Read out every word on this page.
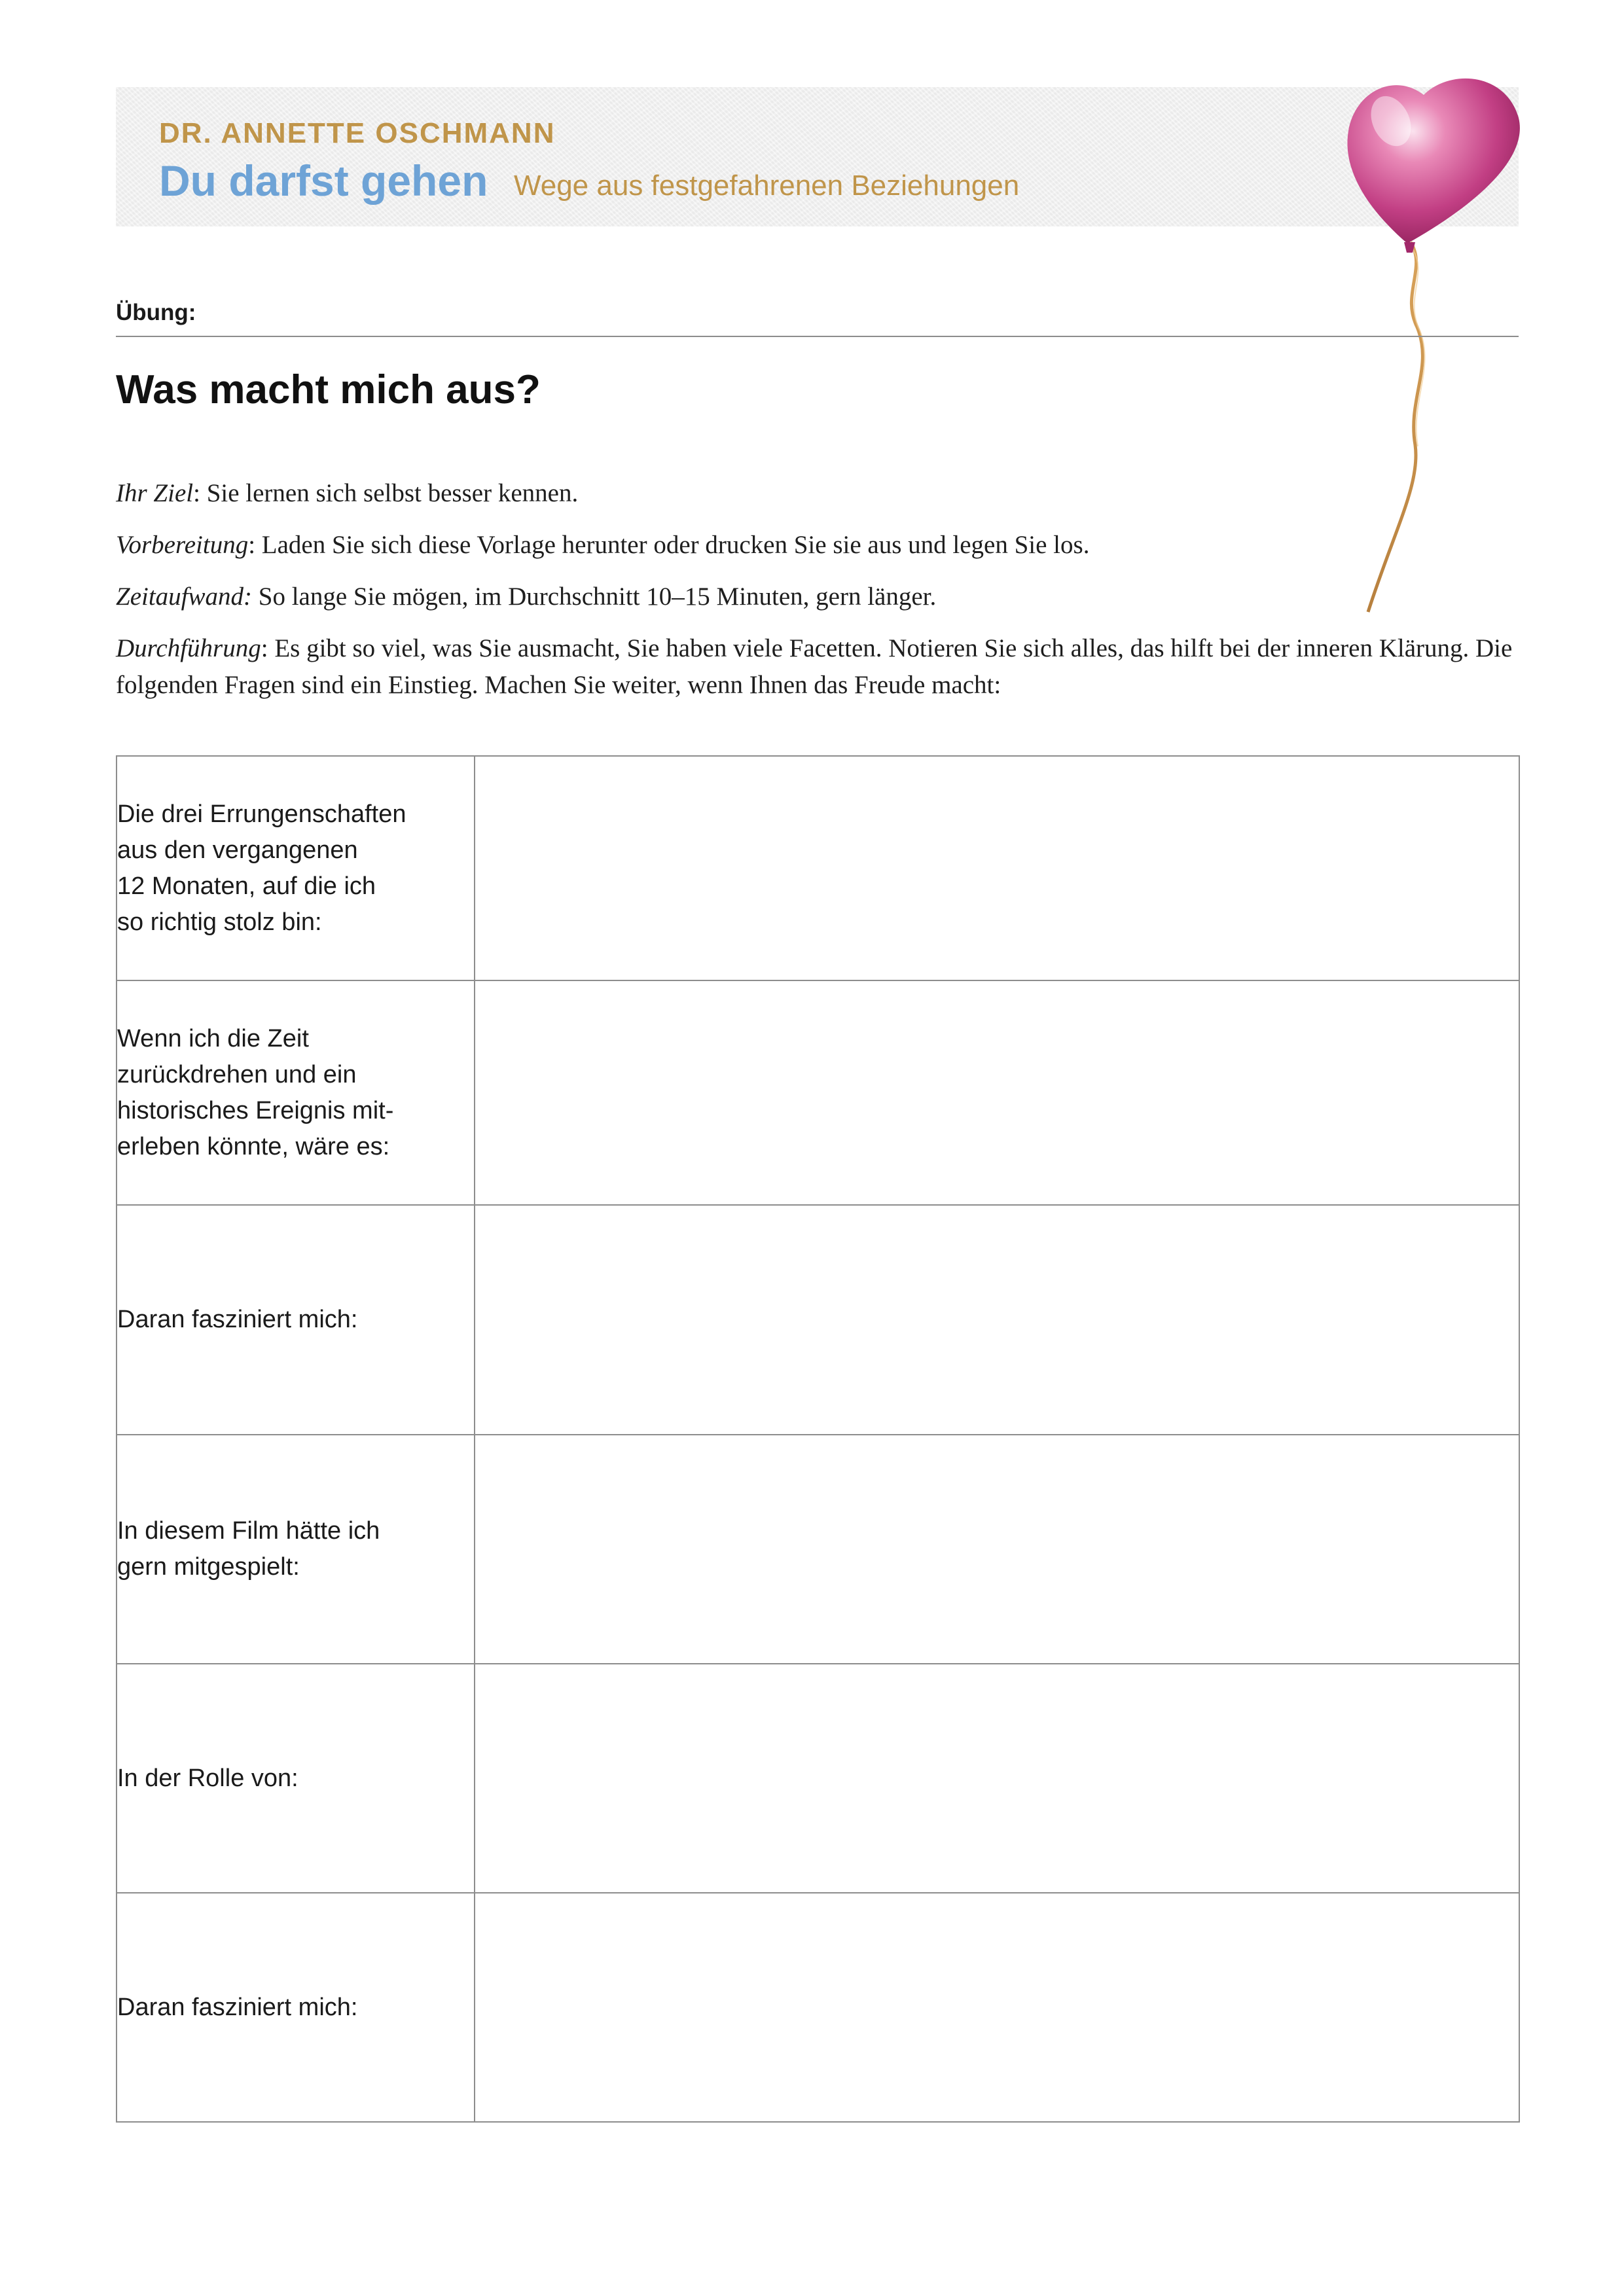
DR. ANNETTE OSCHMANN
Du darfst gehen Wege aus festgefahrenen Beziehungen
Übung:
Was macht mich aus?

Ihr Ziel: Sie lernen sich selbst besser kennen.

Vorbereitung: Laden Sie sich diese Vorlage herunter oder drucken Sie sie aus und legen Sie los.

Zeitaufwand: So lange Sie mögen, im Durchschnitt 10–15 Minuten, gern länger.

Durchführung: Es gibt so viel, was Sie ausmacht, Sie haben viele Facetten. Notieren Sie sich alles, das hilft bei der inneren Klärung. Die folgenden Fragen sind ein Einstieg. Machen Sie weiter, wenn Ihnen das Freude macht:

Die drei Errungenschaften
aus den vergangenen
12 Monaten, auf die ich
so richtig stolz bin:	

Wenn ich die Zeit
zurückdrehen und ein
historisches Ereignis mit-
erleben könnte, wäre es:	

Daran fasziniert mich:	

In diesem Film hätte ich
gern mitgespielt:	

In der Rolle von:	

Daran fasziniert mich:	
